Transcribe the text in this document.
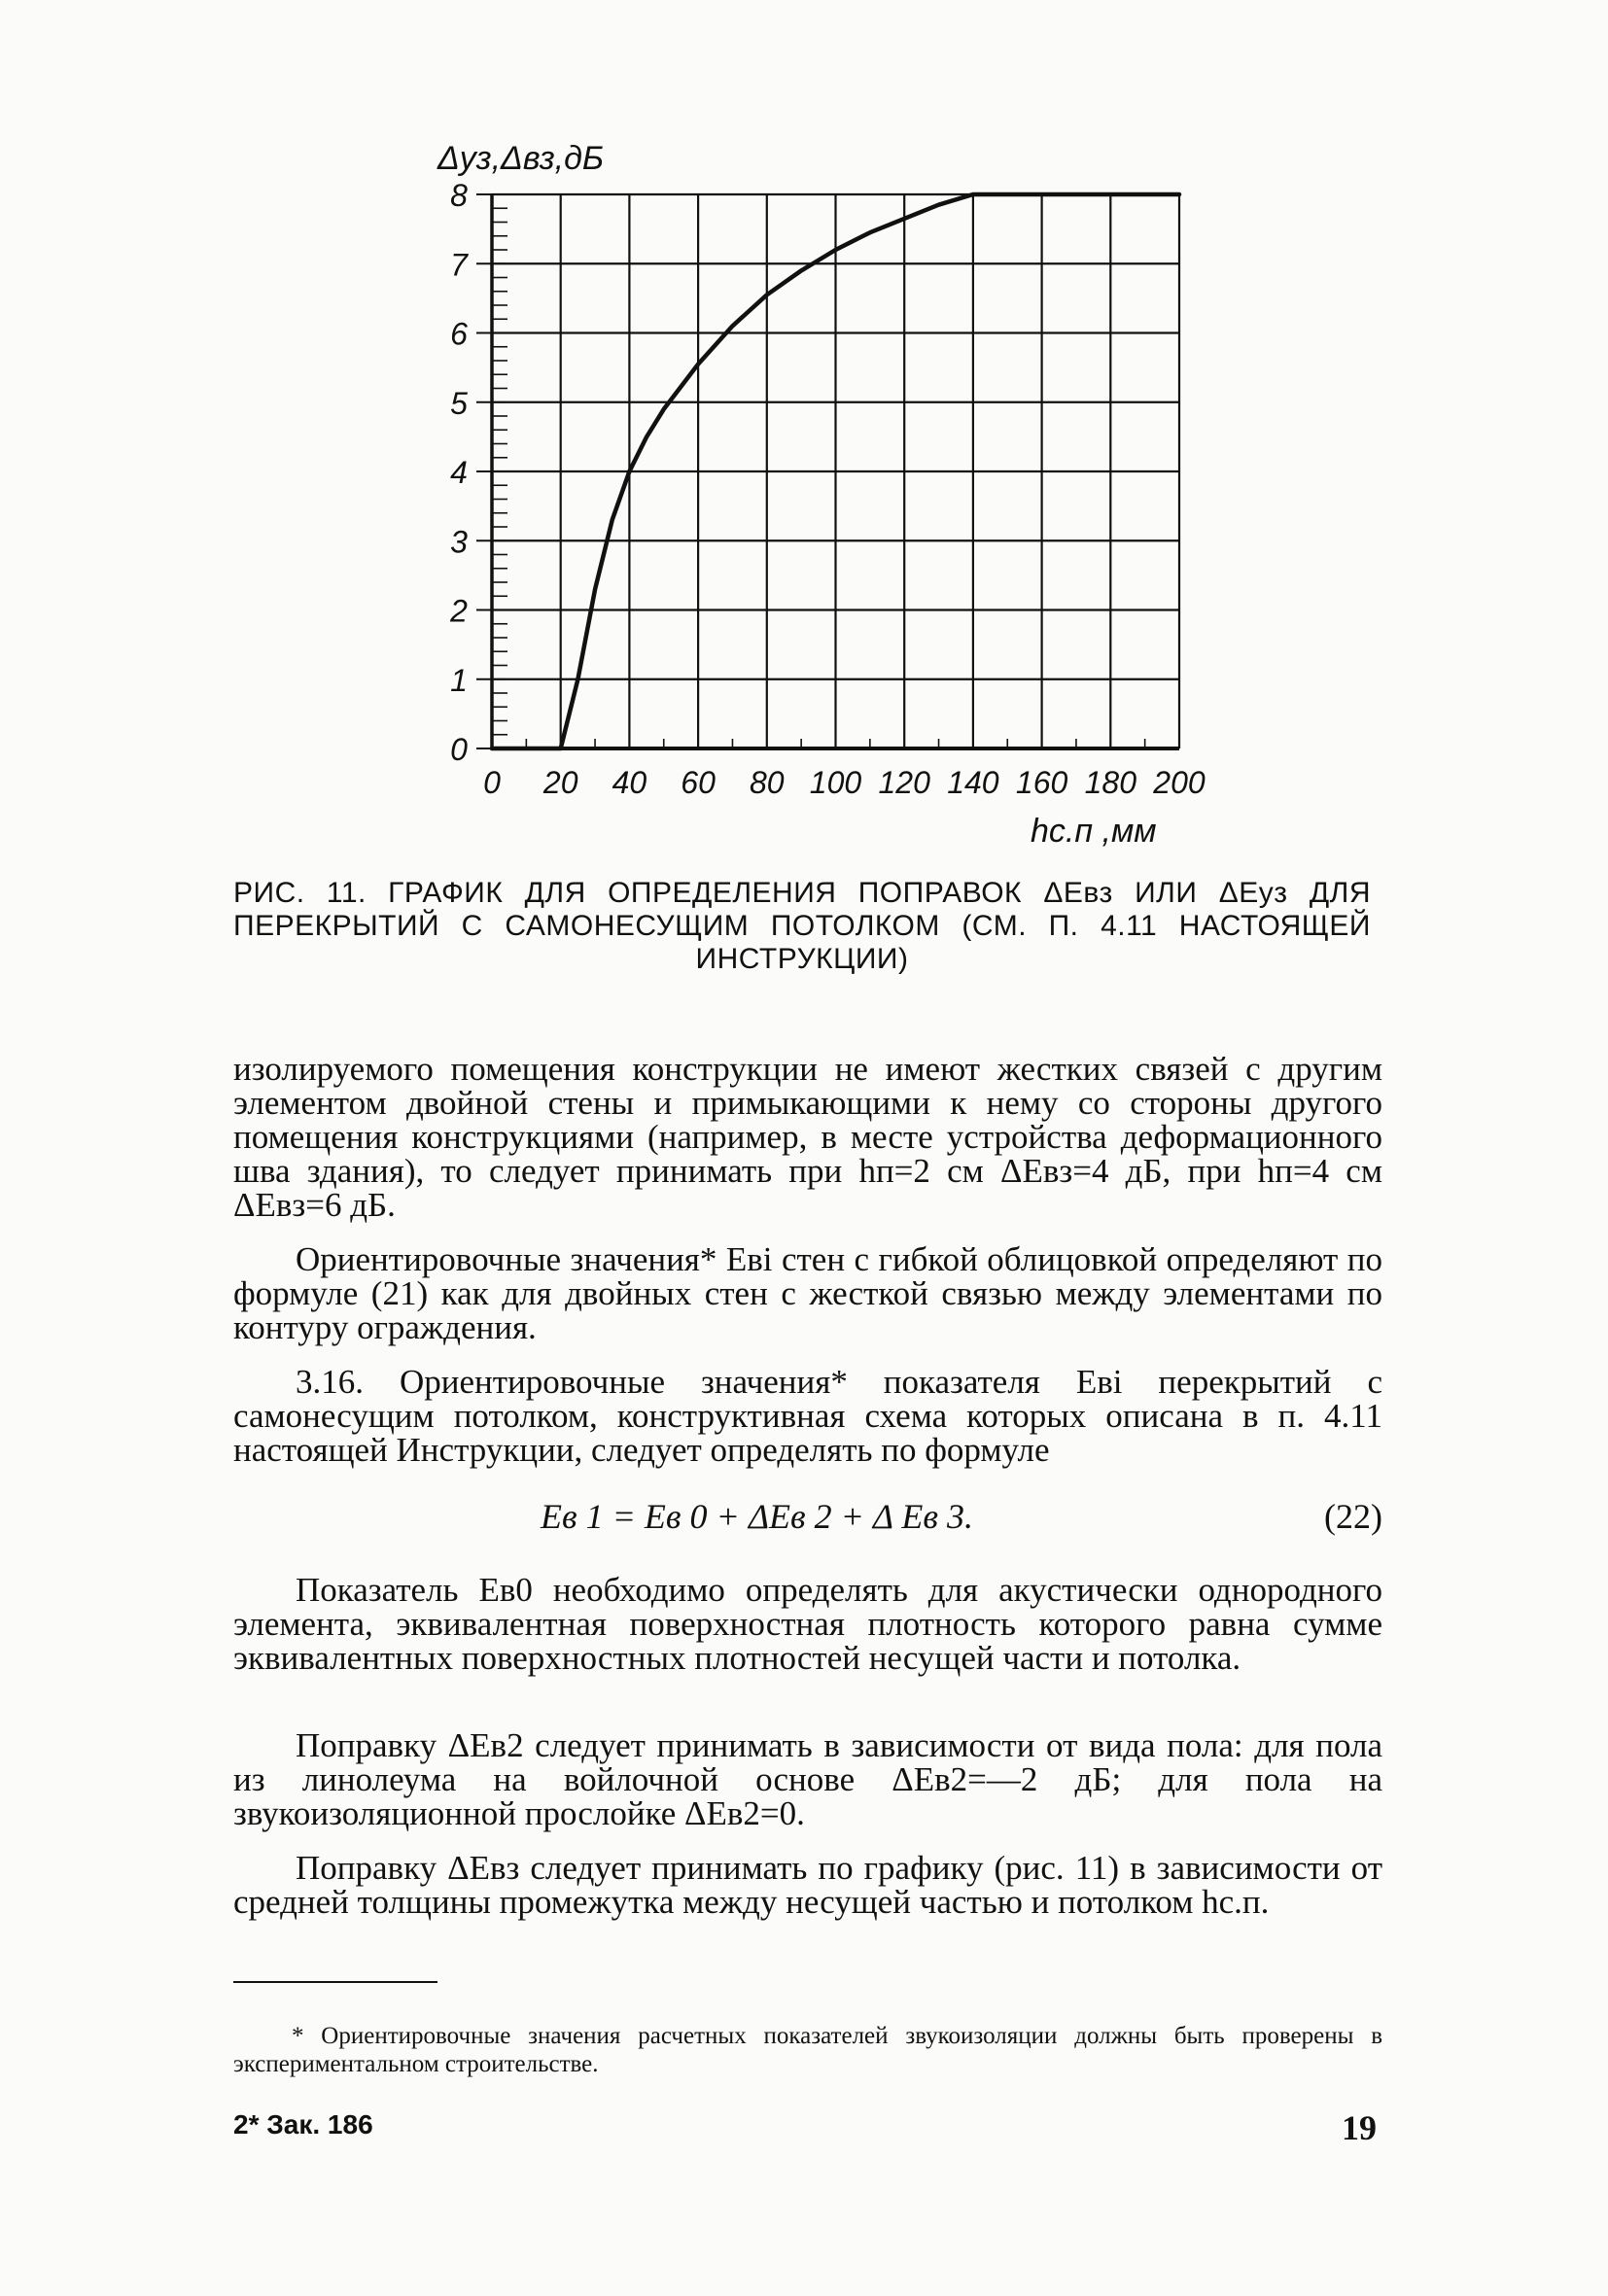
0
1
2
3
4
5
6
7
8
0 20 40 60 80 100 120 140 160 180 200
Δуз,Δвз,дБ
hс.п ,мм
РИС. 11. ГРАФИК ДЛЯ ОПРЕДЕЛЕНИЯ ПОПРАВОК ΔEвз ИЛИ ΔEуз ДЛЯ ПЕРЕКРЫТИЙ С САМОНЕСУЩИМ ПОТОЛКОМ (СМ. П. 4.11 НАСТОЯЩЕЙ ИНСТРУКЦИИ)
изолируемого помещения конструкции не имеют жестких связей с другим элементом двойной стены и примыкающими к нему со стороны другого помещения конструкциями (например, в месте устройства деформационного шва здания), то следует принимать при hп=2 см ΔEвз=4 дБ, при hп=4 см ΔEвз=6 дБ.
Ориентировочные значения* Eвi стен с гибкой облицовкой определяют по формуле (21) как для двойных стен с жесткой связью между элементами по контуру ограждения.
3.16. Ориентировочные значения* показателя Eвi перекрытий с самонесущим потолком, конструктивная схема которых описана в п. 4.11 настоящей Инструкции, следует определять по формуле
Eв 1 = Eв 0 + ΔEв 2 + Δ Eв 3.	(22)
Показатель Eв0 необходимо определять для акустически однородного элемента, эквивалентная поверхностная плотность которого равна сумме эквивалентных поверхностных плотностей несущей части и потолка.
Поправку ΔEв2 следует принимать в зависимости от вида пола: для пола из линолеума на войлочной основе ΔEв2=—2 дБ; для пола на звукоизоляционной прослойке ΔEв2=0.
Поправку ΔEвз следует принимать по графику (рис. 11) в зависимости от средней толщины промежутка между несущей частью и потолком hс.п.
* Ориентировочные значения расчетных показателей звукоизоляции должны быть проверены в экспериментальном строительстве.
2* Зак. 186	19
